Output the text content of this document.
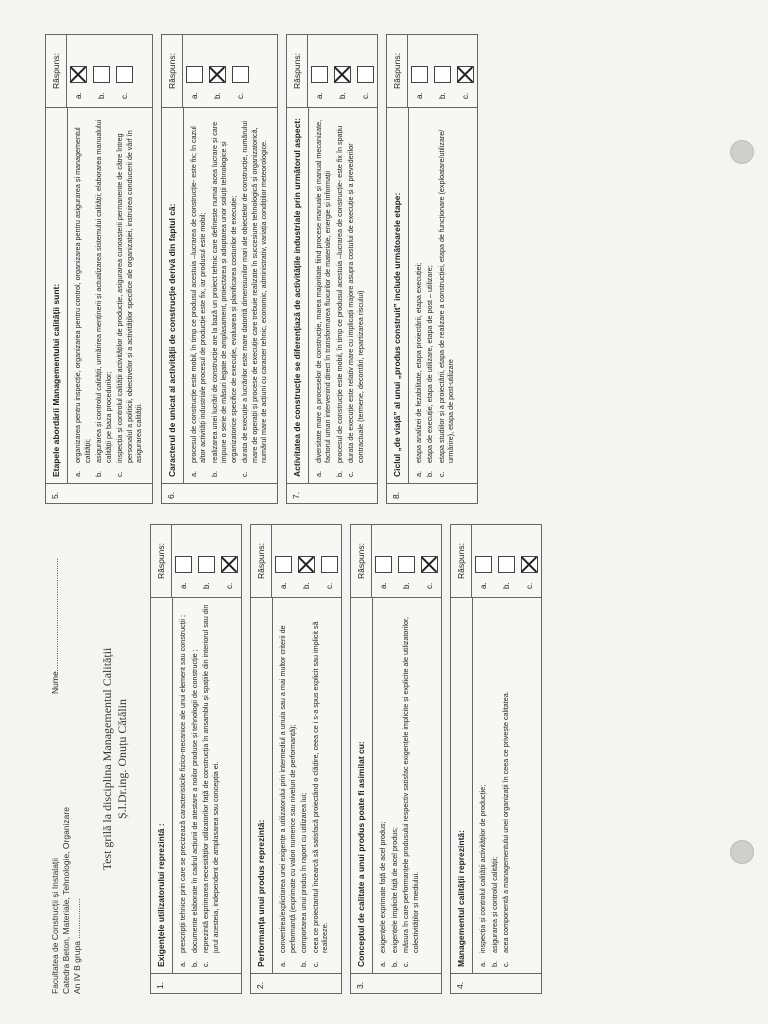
Facultatea de Construcții și Instalații Catedra Beton, Materiale, Tehnologie, Organizare An IV B grupa .................
Nume................................................
Test grilă la disciplina Managementul Calității Ș.l.Dr.ing. Onuțu Cătălin
1.
Exigențele utilizatorului reprezintă :	a.
prescripții tehnice prin care se precizează caracteristicile fizico-mecanice ale unui element sau construcții ;
b.
documente elaborate în cadrul acțiunii de atestare a noilor produse și tehnologii de construcție ;
c.
reprezintă exprimarea necesităților utilizatorilor față de construcția în ansamblu și spațiile din interiorul sau din jurul acesteia, independent de amplasarea sau concepția ei.
Răspuns:
a. b. c.
2.
Performanța unui produs reprezintă:	a.
convertirea/explicitarea unei exigențe a utilizatorului prin intermediul a unuia sau a mai multor criterii de performanță (exprimate cu valori numerice sau niveluri de performanță);
b.
comportarea unui produs în raport cu utilizarea lui;
c.
ceea ce proiectantul încearcă să satisfacă proiectând o clădire, ceea ce i s-a spus explicit sau implicit să realizeze.
Răspuns:
a. b. c.
3.
Conceptul de calitate a unui produs poate fi asimilat cu:	a.
exigențele exprimate față de acel produs;
b.
exigențele implicite față de acel produs;
c.
măsura în care performanțele produsului respectiv satisfac exigențele implicite și explicite ale utilizatorilor, colectivităților și mediului.
Răspuns:
a. b. c.
4.
Managementul calității reprezintă:	a.
inspecția și controlul calității activităților de producție;
b.
asigurarea și controlul calității;
c.
acea componentă a managementului unei organizații în ceea ce privește calitatea.
Răspuns:
a. b. c.
5.
Etapele abordării Managementului calității sunt:	a.
organizarea pentru inspecție, organizarea pentru control, organizarea pentru asigurarea și managementul calității;
b.
asigurarea și controlul calității, urmărirea menținerii și actualizarea sistemului calității; elaborarea manualului calității pe baza procedurilor;
c.
inspecția și controlul calității activităților de producție, asigurarea cunoașterii permanente de către întreg personalul a politicii, obiectivelor și a activităților specifice ale organizației, instruirea conducerii de vârf în asigurarea calității.
Răspuns:
a. b. c.
6.
Caracterul de unicat al activității de construcție derivă din faptul că:	a.
procesul de construcție este mobil, în timp ce produsul acestuia –lucrarea de construcție- este fix; în cazul altor activități industriale procesul de producție este fix, iar produsul este mobil;
b.
realizarea unei lucrări de construcție are la bază un proiect tehnic care definește numai acea lucrare și care impune o serie de măsuri legate de amplasament, proiectarea și adoptarea unor soluții tehnologice și organizatorice specifice de execuție, evaluarea și planificarea costurilor de execuție;
c.
durata de execuție a lucrărilor este mare datorită dimensiunilor mari ale obiectelor de construcție, numărului mare de operații și procese de execuție care trebuie realizate în succesiune tehnologică și organizatorică, numărul mare de acțiuni cu caracter tehnic, economic, administrativ, variația condițiilor meteorologice.
Răspuns:
a. b. c.
7.
Activitatea de construcție se diferențiază de activitățile industriale prin următorul aspect:	a.
diversitate mare a proceselor de construcție, marea majoritate fiind procese manuale și manual mecanizate, factorul uman intervenind direct în transformarea fluxurilor de materiale, energie și informații
b.
procesul de construcție este mobil, în timp ce produsul acestuia –lucrarea de construcție- este fix în spațiu
c.
durata de execuție este relativ mare cu implicații majore asupra costului de execuție și a prevederilor contractuale (termene, decontări, repartizarea riscului)
Răspuns:
a. b. c.
8.
Ciclul „de viață” al unui „produs construit” include următoarele etape:	a.
etapa analizei de fezabilitate, etapa proiectării, etapa execuției;
b.
etapa de execuție, etapa de utilizare, etapa de post – utilizare;
c.
etapa studiilor și a proiectării, etapa de realizare a construcției, etapa de funcționare (exploatare/utilizare/ urmărire), etapa de post-utilizare
Răspuns:
a. b. c.
